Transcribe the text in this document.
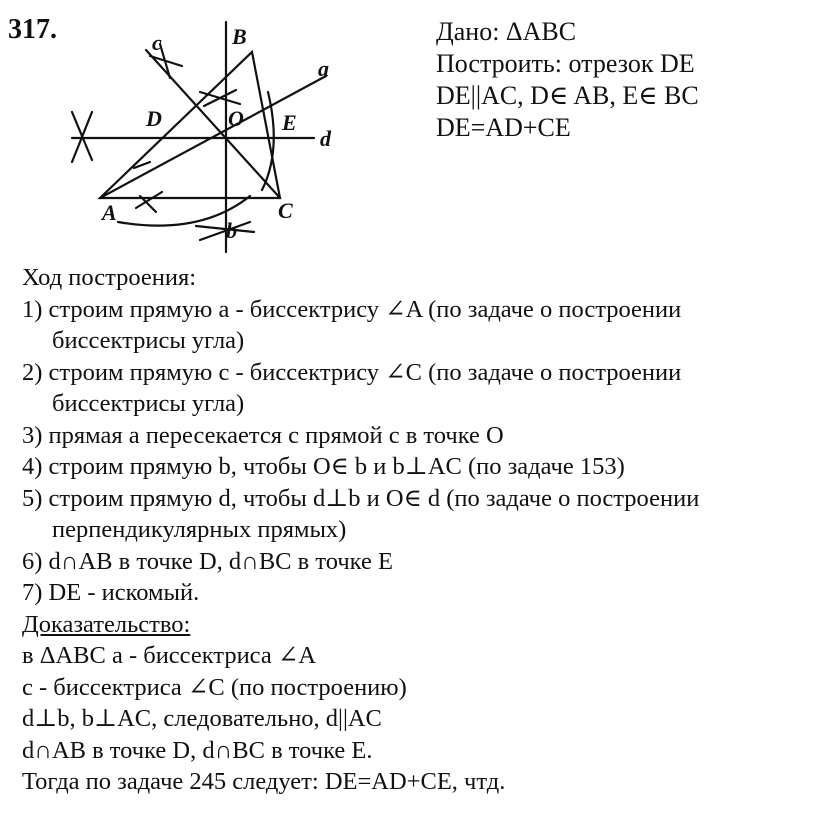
317.	Дано: ΔABC
Построить: отрезок DE
DE||AC, D∈ AB, E∈ BC
DE=AD+CE
B
c
a
D	O E
d
A	C
b
Ход построения:
1) строим прямую a - биссектрису ∠A (по задаче о построении
биссектрисы угла)
2) строим прямую c - биссектрису ∠C (по задаче о построении
биссектрисы угла)
3) прямая a пересекается с прямой c в точке O
4) строим прямую b, чтобы O∈ b и b⊥AC (по задаче 153)
5) строим прямую d, чтобы d⊥b и O∈ d (по задаче о построении
перпендикулярных прямых)
6) d∩AB в точке D, d∩BC в точке E
7) DE - искомый.
Доказательство:
в ΔABC a - биссектриса ∠A
c - биссектриса ∠C (по построению)
d⊥b, b⊥AC, следовательно, d||AC
d∩AB в точке D, d∩BC в точке E.
Тогда по задаче 245 следует: DE=AD+CE, чтд.
